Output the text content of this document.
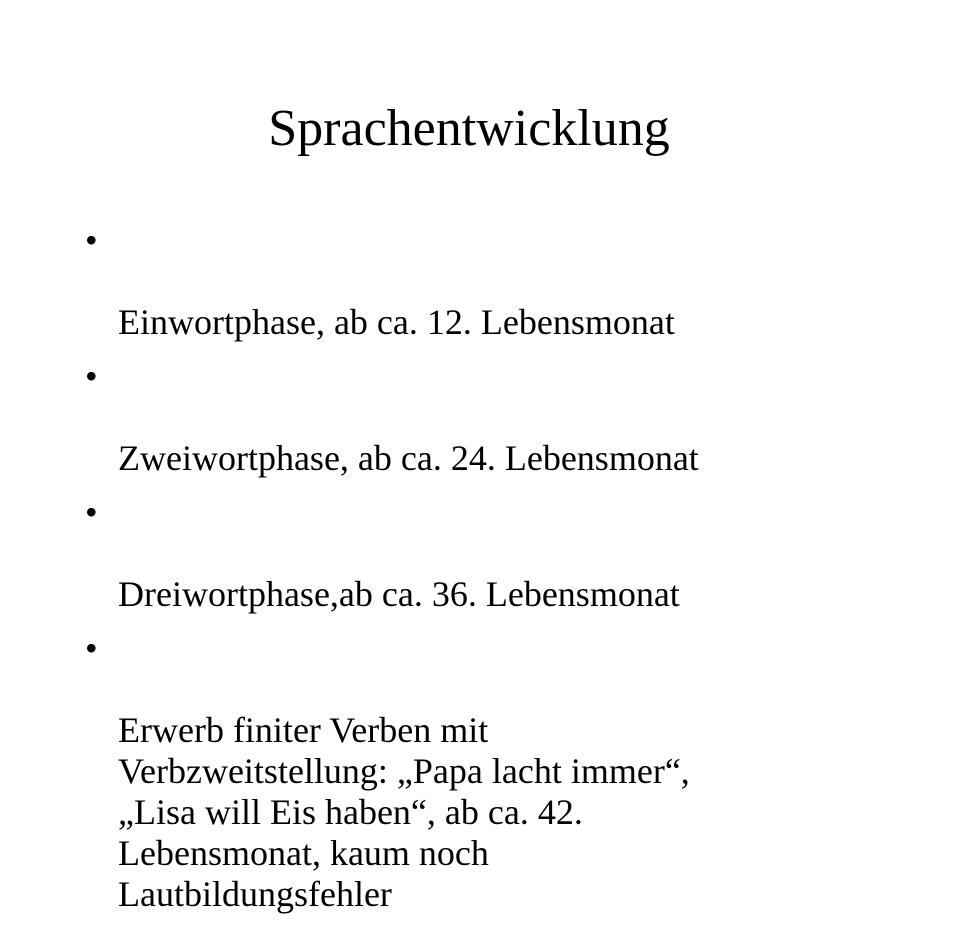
Sprachentwicklung

•

Einwortphase, ab ca. 12. Lebensmonat

•

Zweiwortphase, ab ca. 24. Lebensmonat

•

Dreiwortphase,ab ca. 36. Lebensmonat

•

Erwerb finiter Verben mit
Verbzweitstellung: „Papa lacht immer“,
„Lisa will Eis haben“, ab ca. 42.
Lebensmonat, kaum noch
Lautbildungsfehler
